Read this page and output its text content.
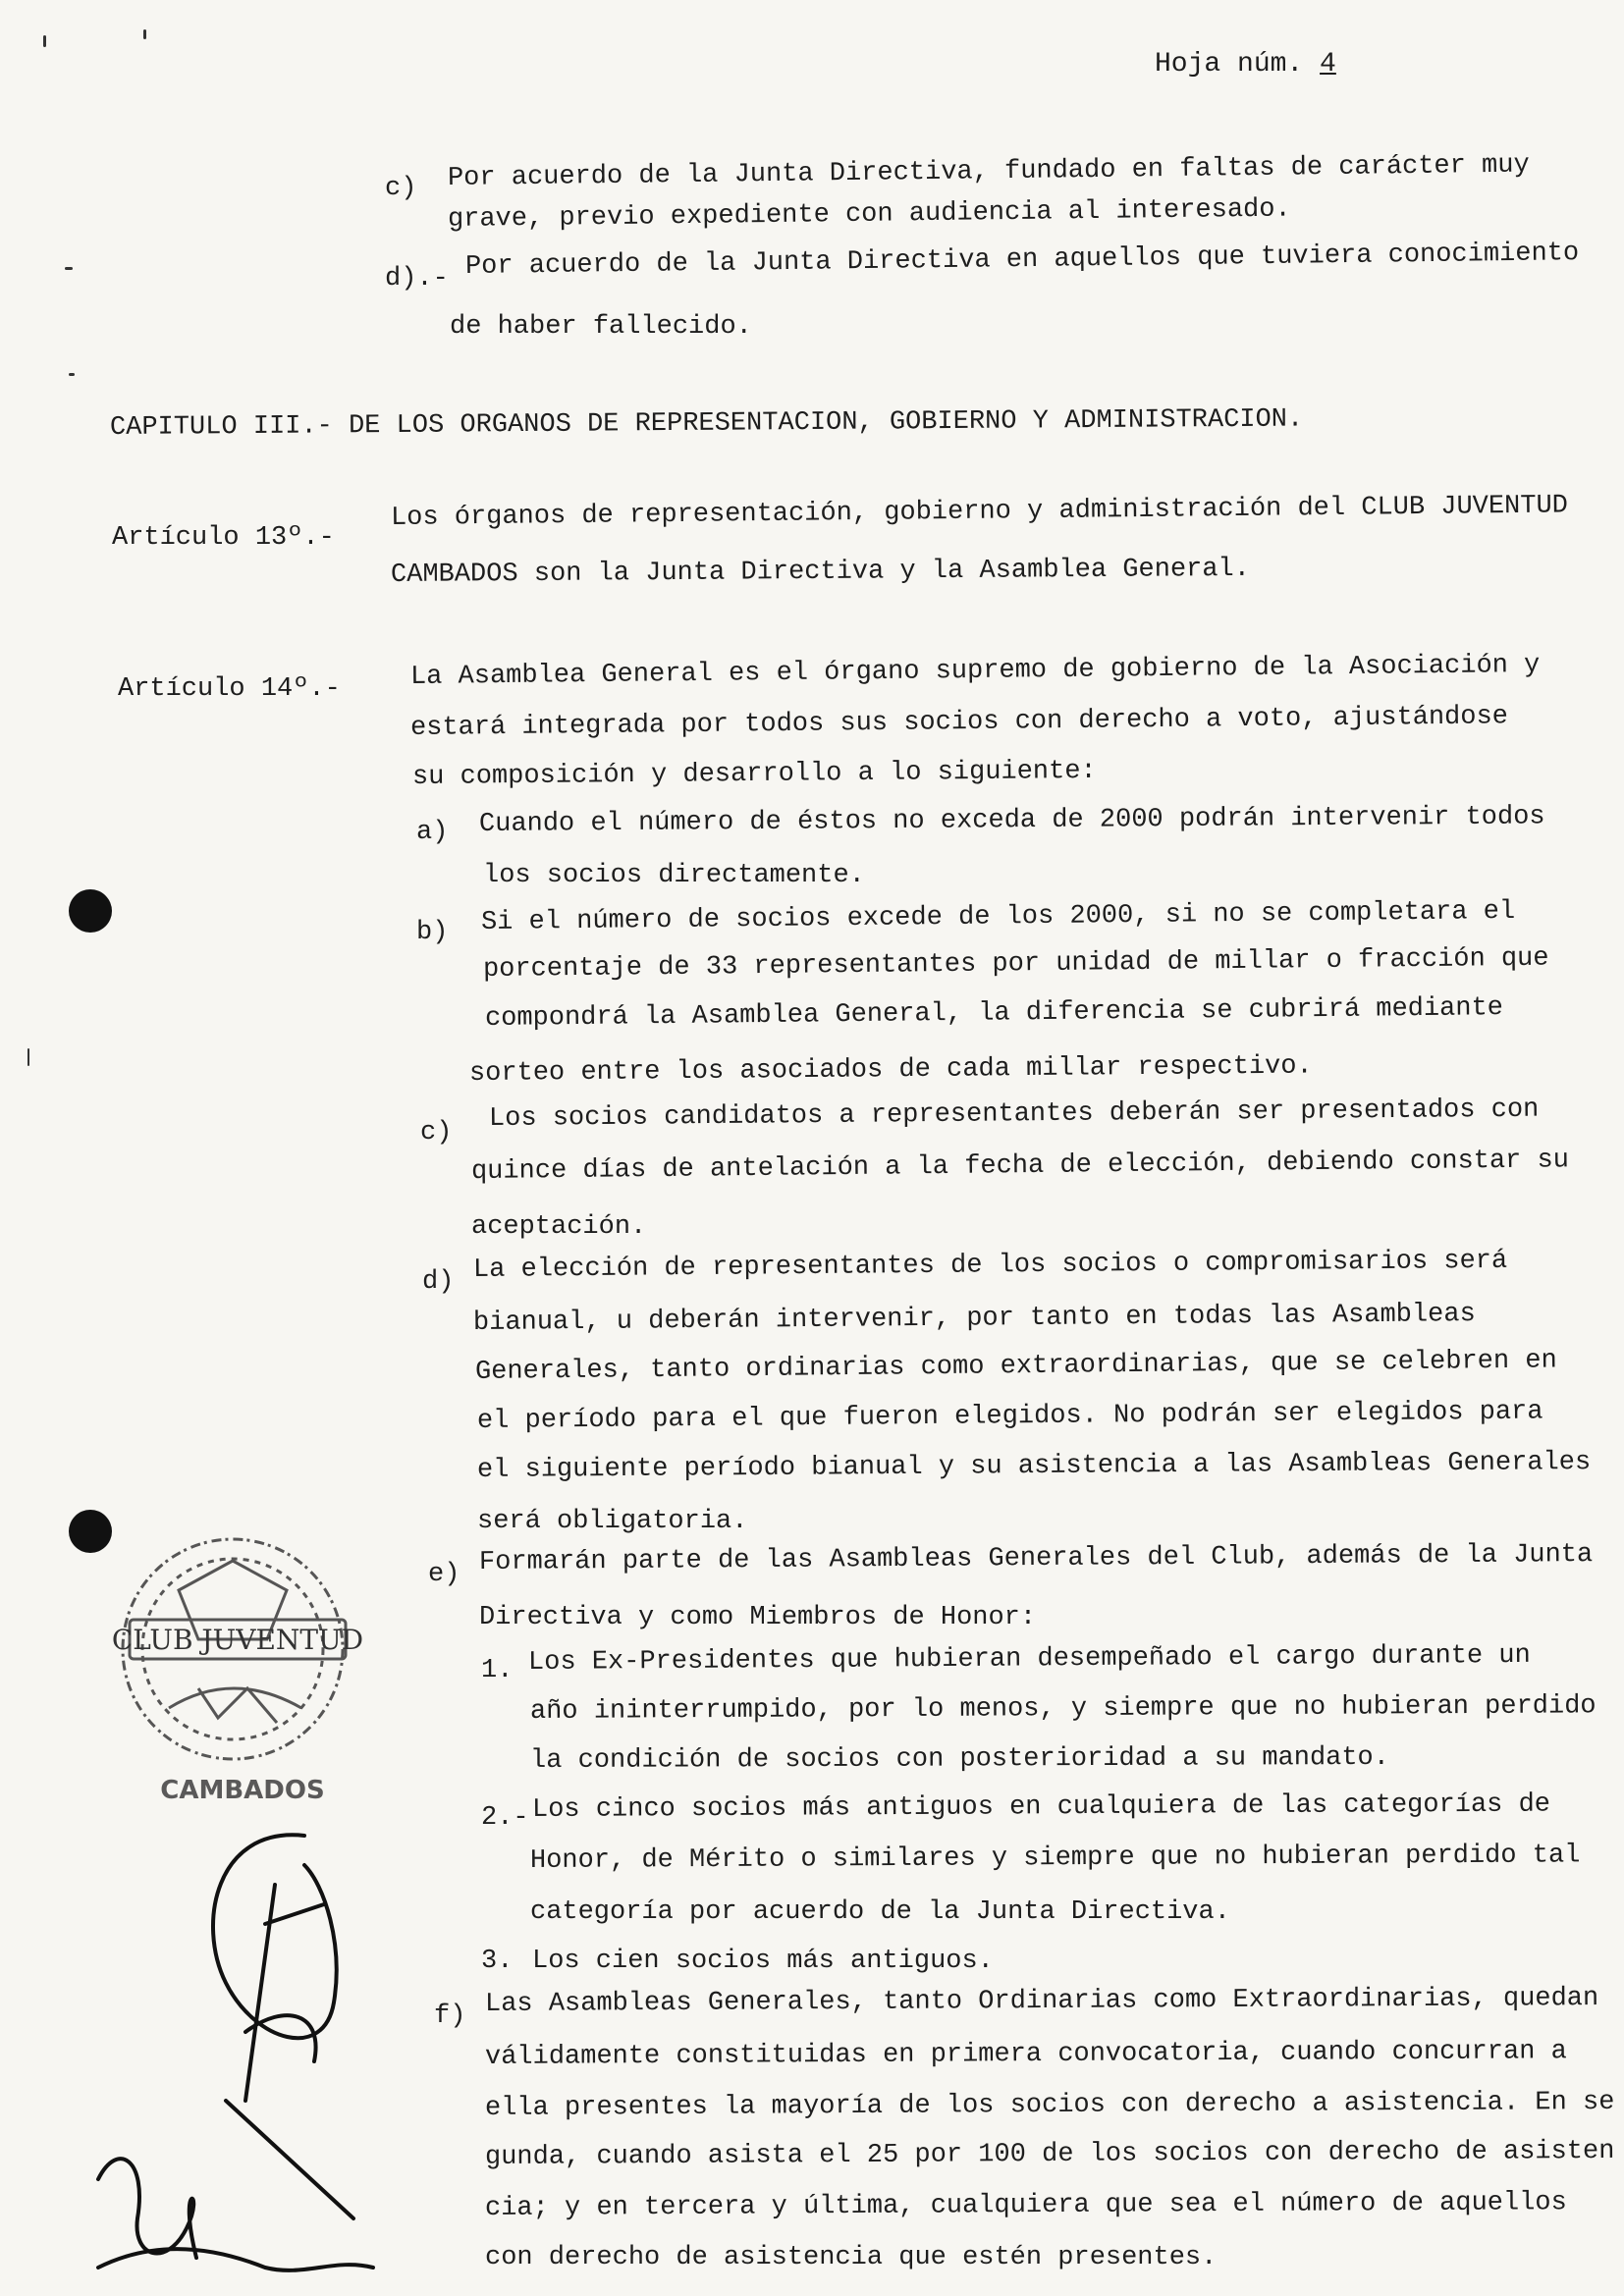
Hoja núm. 4
c) Por acuerdo de la Junta Directiva, fundado en faltas de carácter muy
grave, previo expediente con audiencia al interesado.
d).- Por acuerdo de la Junta Directiva en aquellos que tuviera conocimiento
de haber fallecido.
CAPITULO III.- DE LOS ORGANOS DE REPRESENTACION, GOBIERNO Y ADMINISTRACION.
Artículo 13º.-
Los órganos de representación, gobierno y administración del CLUB JUVENTUD
CAMBADOS son la Junta Directiva y la Asamblea General.
Artículo 14º.-	La Asamblea General es el órgano supremo de gobierno de la Asociación y
estará integrada por todos sus socios con derecho a voto, ajustándose
su composición y desarrollo a lo siguiente:
a) Cuando el número de éstos no exceda de 2000 podrán intervenir todos
los socios directamente.
b) Si el número de socios excede de los 2000, si no se completara el
porcentaje de 33 representantes por unidad de millar o fracción que
compondrá la Asamblea General, la diferencia se cubrirá mediante
sorteo entre los asociados de cada millar respectivo.
c) Los socios candidatos a representantes deberán ser presentados con
quince días de antelación a la fecha de elección, debiendo constar su
aceptación.
d) La elección de representantes de los socios o compromisarios será
bianual, u deberán intervenir, por tanto en todas las Asambleas
Generales, tanto ordinarias como extraordinarias, que se celebren en
el período para el que fueron elegidos. No podrán ser elegidos para
el siguiente período bianual y su asistencia a las Asambleas Generales
será obligatoria.
e) Formarán parte de las Asambleas Generales del Club, además de la Junta
Directiva y como Miembros de Honor:
1. Los Ex-Presidentes que hubieran desempeñado el cargo durante un
año ininterrumpido, por lo menos, y siempre que no hubieran perdido
la condición de socios con posterioridad a su mandato.
2.- Los cinco socios más antiguos en cualquiera de las categorías de
Honor, de Mérito o similares y siempre que no hubieran perdido tal
categoría por acuerdo de la Junta Directiva.
3. Los cien socios más antiguos.
f) Las Asambleas Generales, tanto Ordinarias como Extraordinarias, quedan
válidamente constituidas en primera convocatoria, cuando concurran a
ella presentes la mayoría de los socios con derecho a asistencia. En se
gunda, cuando asista el 25 por 100 de los socios con derecho de asisten
cia; y en tercera y última, cualquiera que sea el número de aquellos
con derecho de asistencia que estén presentes.
CLUB JUVENTUD
CAMBADOS
